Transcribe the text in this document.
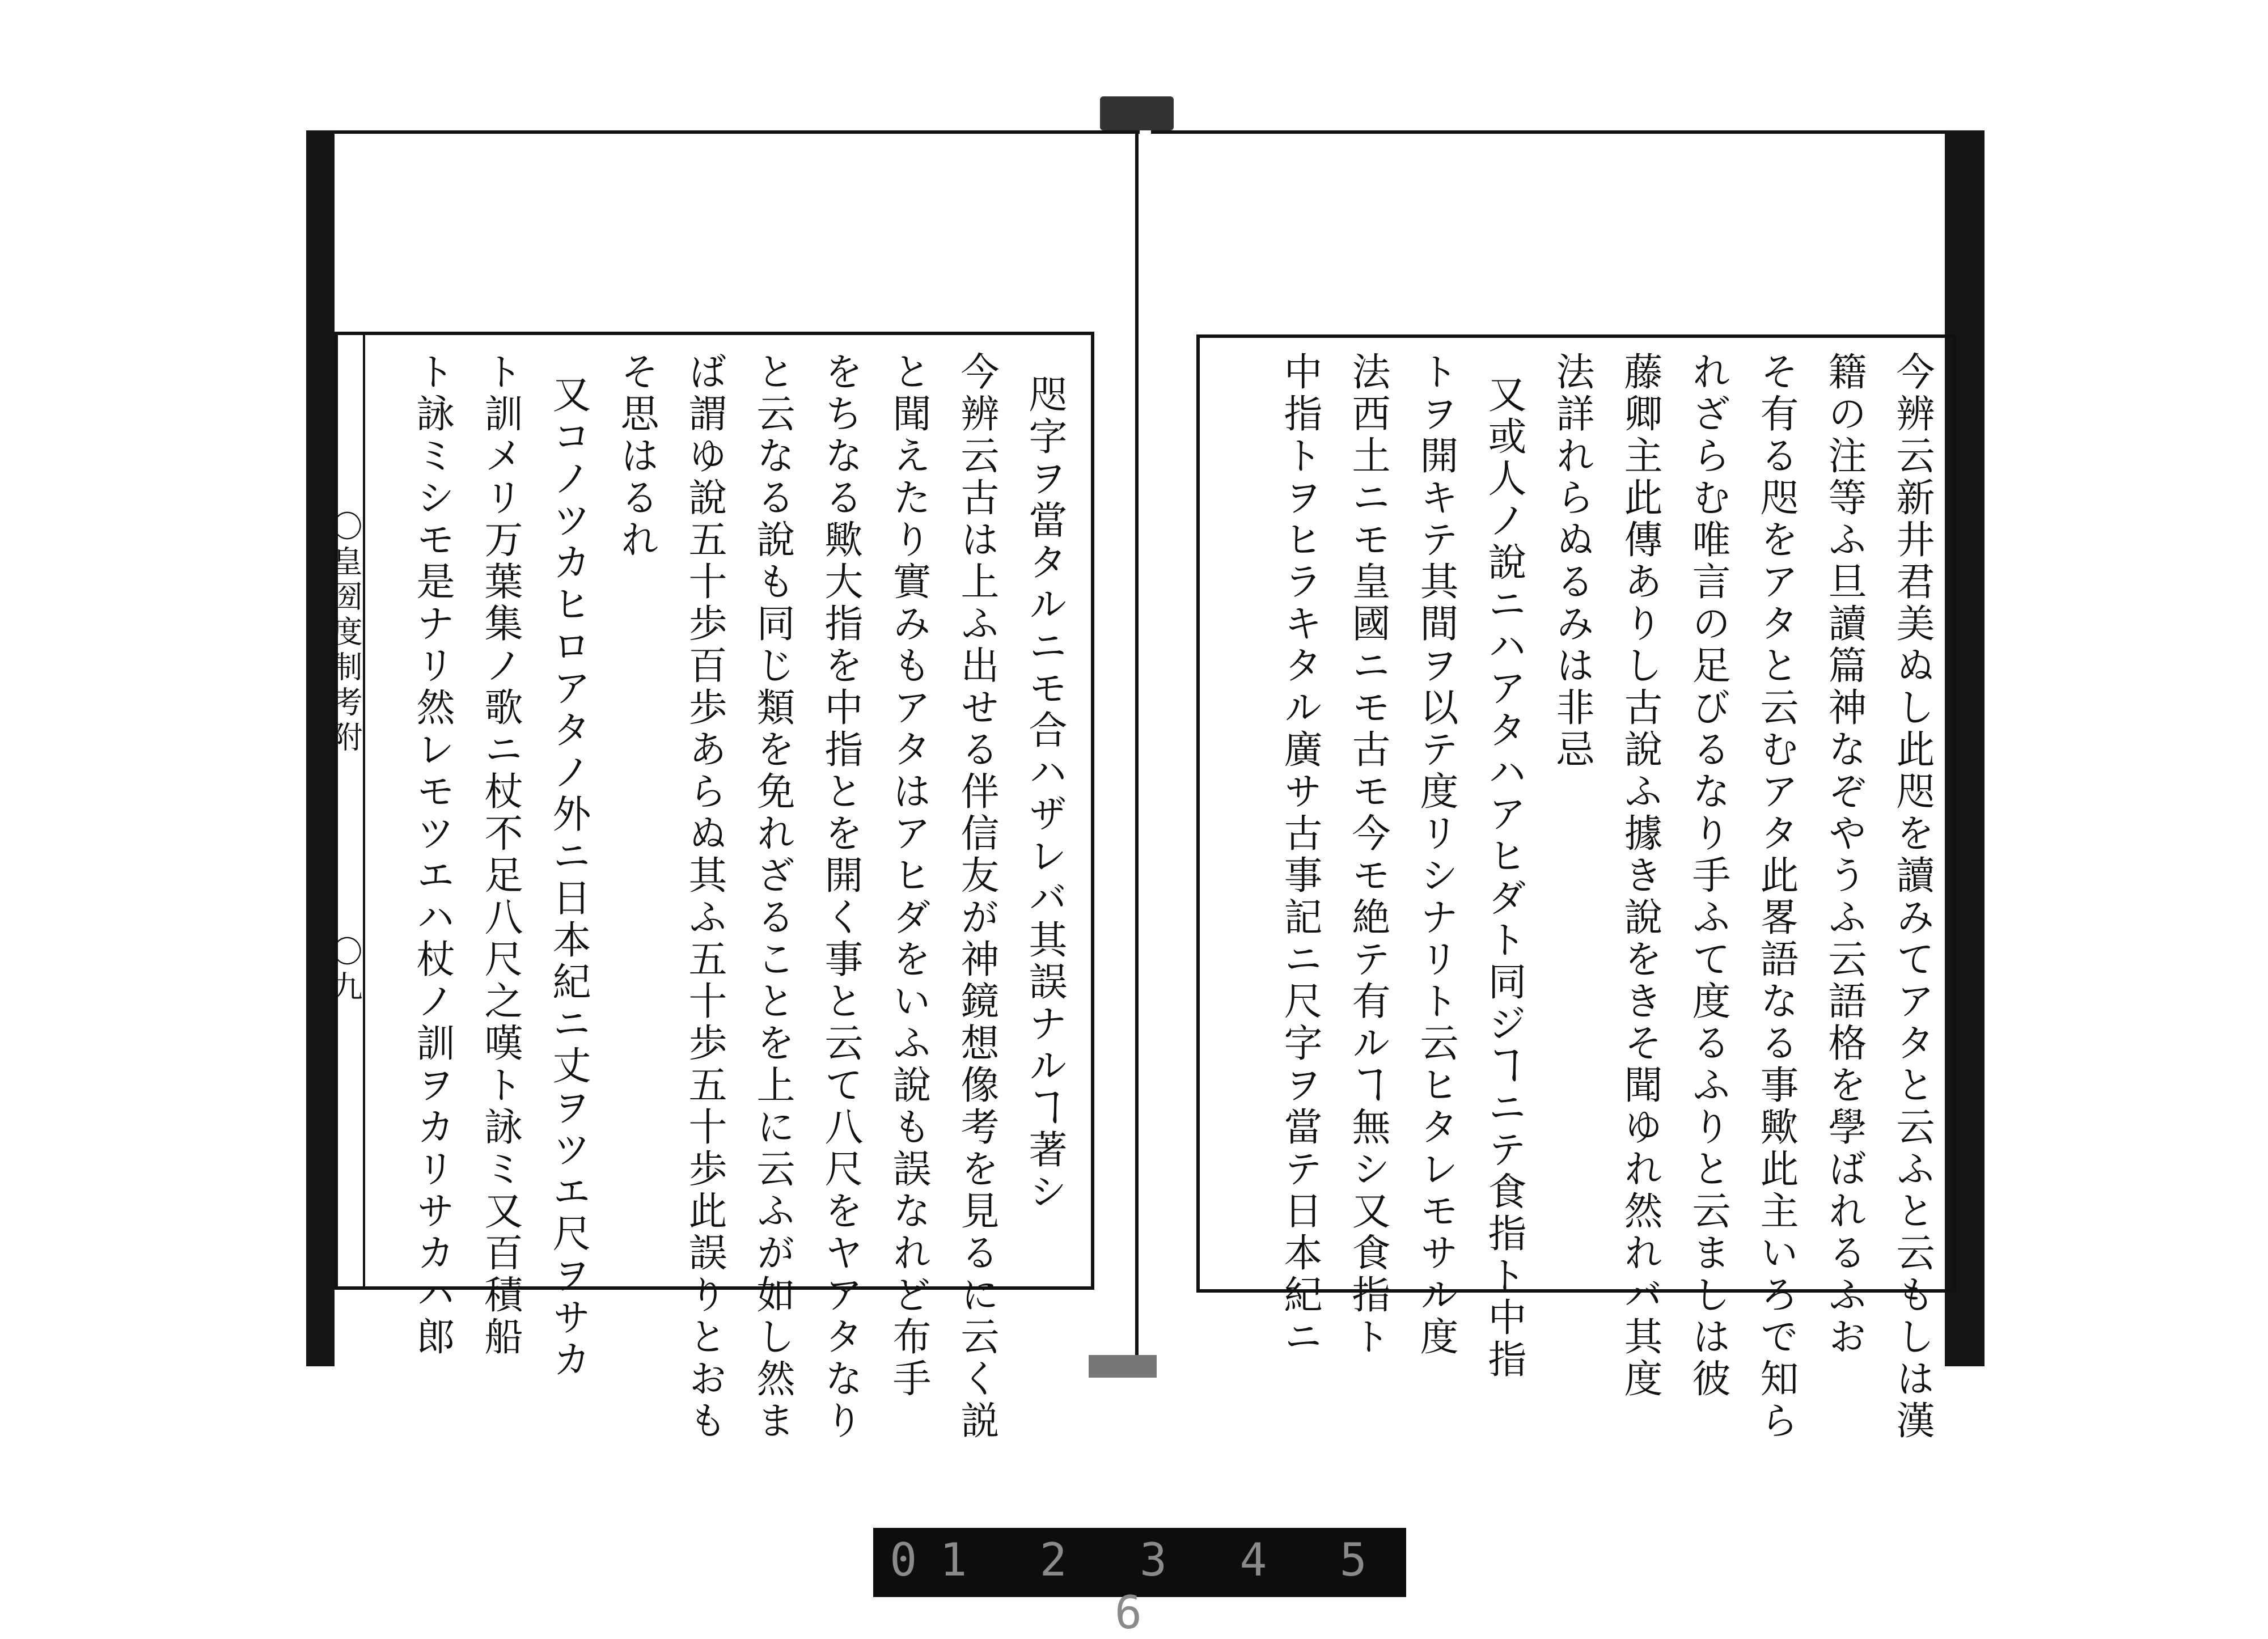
〇皇圀度制考附
〇九	咫字ヲ當タルニモ合ハザレバ其誤ナルヿ著シ
今辨云古は上ふ出せる伴信友が神鏡想像考を見るに云く説
と聞えたり實みもアタはアヒダをいふ說も誤なれど布手
をちなる歟大指を中指とを開く事と云て八尺をヤアタなり
と云なる說も同じ類を免れざることを上に云ふが如し然ま
ば謂ゆ說五十歩百歩あらぬ其ふ五十歩五十歩此誤りとおも
そ思はるれ
又コノツカヒロアタノ外ニ日本紀ニ丈ヲツエ尺ヲサカ
ト訓メリ万葉集ノ歌ニ杖不足八尺之嘆ト詠ミ又百積船
ト詠ミシモ是ナリ然レモツエハ杖ノ訓ヲカリサカハ郎	今辨云新井君美ぬし此咫を讀みてアタと云ふと云もしは漢
籍の注等ふ旦讀篇神なぞやうふ云語格を學ばれるふお
そ有る咫をアタと云むアタ此畧語なる事歟此主いろで知ら
れざらむ唯言の足びるなり手ふて度るふりと云ましは彼
藤卿主此傳ありし古說ふ據き說をきそ聞ゆれ然れバ其度
法詳れらぬるみは非忌
又或人ノ說ニハアタハアヒダト同ジヿニテ食指ト中指
トヲ開キテ其間ヲ以テ度リシナリト云ヒタレモサル度
法西土ニモ皇國ニモ古モ今モ絶テ有ルヿ無シ又食指ト
中指トヲヒラキタル廣サ古事記ニ尺字ヲ當テ日本紀ニ
01 2 3 4 5 6
